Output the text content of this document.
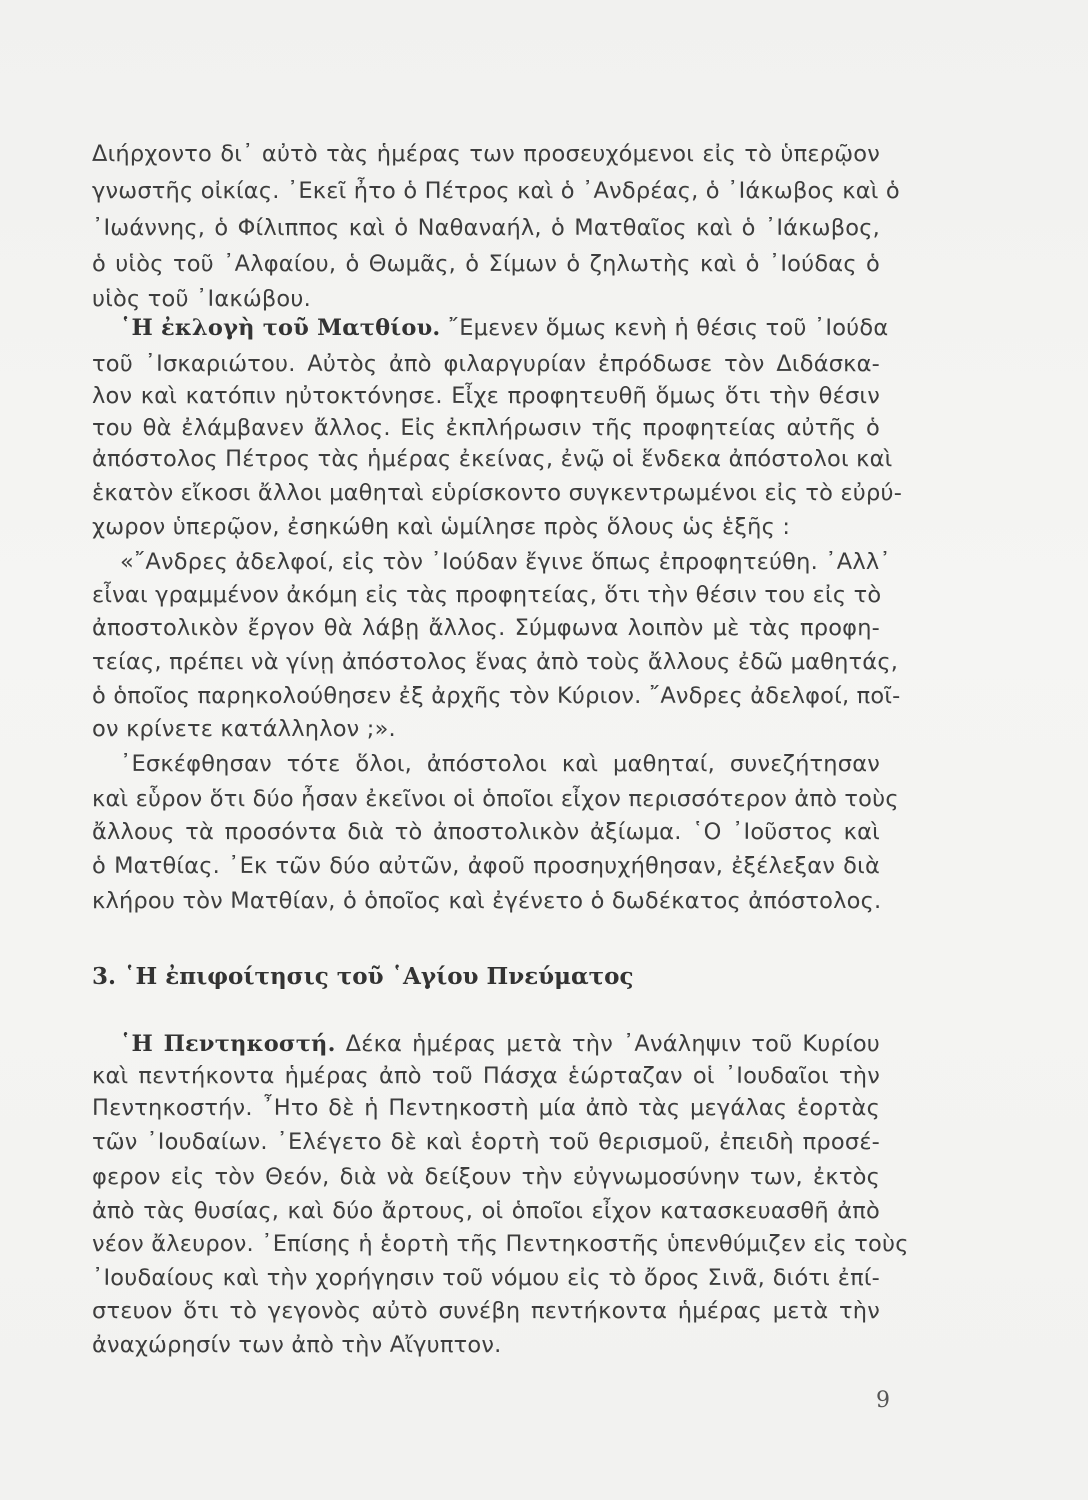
Διήρχοντο δι᾿ αὐτὸ τὰς ἡμέρας των προσευχόμενοι εἰς τὸ ὑπερῷον
γνωστῆς οἰκίας. ᾿Εκεῖ ἦτο ὁ Πέτρος καὶ ὁ ᾿Ανδρέας, ὁ ᾿Ιάκωβος καὶ ὁ
᾿Ιωάννης, ὁ Φίλιππος καὶ ὁ Ναθαναήλ, ὁ Ματθαῖος καὶ ὁ ᾿Ιάκωβος,
ὁ υἱὸς τοῦ ᾿Αλφαίου, ὁ Θωμᾶς, ὁ Σίμων ὁ ζηλωτὴς καὶ ὁ ᾿Ιούδας ὁ
υἱὸς τοῦ ᾿Ιακώβου.
῾Η ἐκλογὴ τοῦ Ματθίου. ῎Εμενεν ὅμως κενὴ ἡ θέσις τοῦ ᾿Ιούδα
τοῦ ᾿Ισκαριώτου. Αὐτὸς ἀπὸ φιλαργυρίαν ἐπρόδωσε τὸν Διδάσκα-
λον καὶ κατόπιν ηὐτοκτόνησε. Εἶχε προφητευθῆ ὅμως ὅτι τὴν θέσιν
του θὰ ἐλάμβανεν ἄλλος. Εἰς ἐκπλήρωσιν τῆς προφητείας αὐτῆς ὁ
ἀπόστολος Πέτρος τὰς ἡμέρας ἐκείνας, ἐνῷ οἱ ἕνδεκα ἀπόστολοι καὶ
ἑκατὸν εἴκοσι ἄλλοι μαθηταὶ εὑρίσκοντο συγκεντρωμένοι εἰς τὸ εὐρύ-
χωρον ὑπερῷον, ἐσηκώθη καὶ ὡμίλησε πρὸς ὅλους ὡς ἑξῆς :
«῎Ανδρες ἀδελφοί, εἰς τὸν ᾿Ιούδαν ἔγινε ὅπως ἐπροφητεύθη. ᾿Αλλ᾿
εἶναι γραμμένον ἀκόμη εἰς τὰς προφητείας, ὅτι τὴν θέσιν του εἰς τὸ
ἀποστολικὸν ἔργον θὰ λάβῃ ἄλλος. Σύμφωνα λοιπὸν μὲ τὰς προφη-
τείας, πρέπει νὰ γίνῃ ἀπόστολος ἕνας ἀπὸ τοὺς ἄλλους ἐδῶ μαθητάς,
ὁ ὁποῖος παρηκολούθησεν ἐξ ἀρχῆς τὸν Κύριον. ῎Ανδρες ἀδελφοί, ποῖ-
ον κρίνετε κατάλληλον ;».
᾿Εσκέφθησαν τότε ὅλοι, ἀπόστολοι καὶ μαθηταί, συνεζήτησαν
καὶ εὗρον ὅτι δύο ἦσαν ἐκεῖνοι οἱ ὁποῖοι εἶχον περισσότερον ἀπὸ τοὺς
ἄλλους τὰ προσόντα διὰ τὸ ἀποστολικὸν ἀξίωμα. ῾Ο ᾿Ιοῦστος καὶ
ὁ Ματθίας. ᾿Εκ τῶν δύο αὐτῶν, ἀφοῦ προσηυχήθησαν, ἐξέλεξαν διὰ
κλήρου τὸν Ματθίαν, ὁ ὁποῖος καὶ ἐγένετο ὁ δωδέκατος ἀπόστολος.
3. ῾Η ἐπιφοίτησις τοῦ ῾Αγίου Πνεύματος
῾Η Πεντηκοστή. Δέκα ἡμέρας μετὰ τὴν ᾿Ανάληψιν τοῦ Κυρίου
καὶ πεντήκοντα ἡμέρας ἀπὸ τοῦ Πάσχα ἑώρταζαν οἱ ᾿Ιουδαῖοι τὴν
Πεντηκοστήν. ῏Ητο δὲ ἡ Πεντηκοστὴ μία ἀπὸ τὰς μεγάλας ἑορτὰς
τῶν ᾿Ιουδαίων. ᾿Ελέγετο δὲ καὶ ἑορτὴ τοῦ θερισμοῦ, ἐπειδὴ προσέ-
φερον εἰς τὸν Θεόν, διὰ νὰ δείξουν τὴν εὐγνωμοσύνην των, ἐκτὸς
ἀπὸ τὰς θυσίας, καὶ δύο ἄρτους, οἱ ὁποῖοι εἶχον κατασκευασθῆ ἀπὸ
νέον ἄλευρον. ᾿Επίσης ἡ ἑορτὴ τῆς Πεντηκοστῆς ὑπενθύμιζεν εἰς τοὺς
᾿Ιουδαίους καὶ τὴν χορήγησιν τοῦ νόμου εἰς τὸ ὄρος Σινᾶ, διότι ἐπί-
στευον ὅτι τὸ γεγονὸς αὐτὸ συνέβη πεντήκοντα ἡμέρας μετὰ τὴν
ἀναχώρησίν των ἀπὸ τὴν Αἴγυπτον.
9
